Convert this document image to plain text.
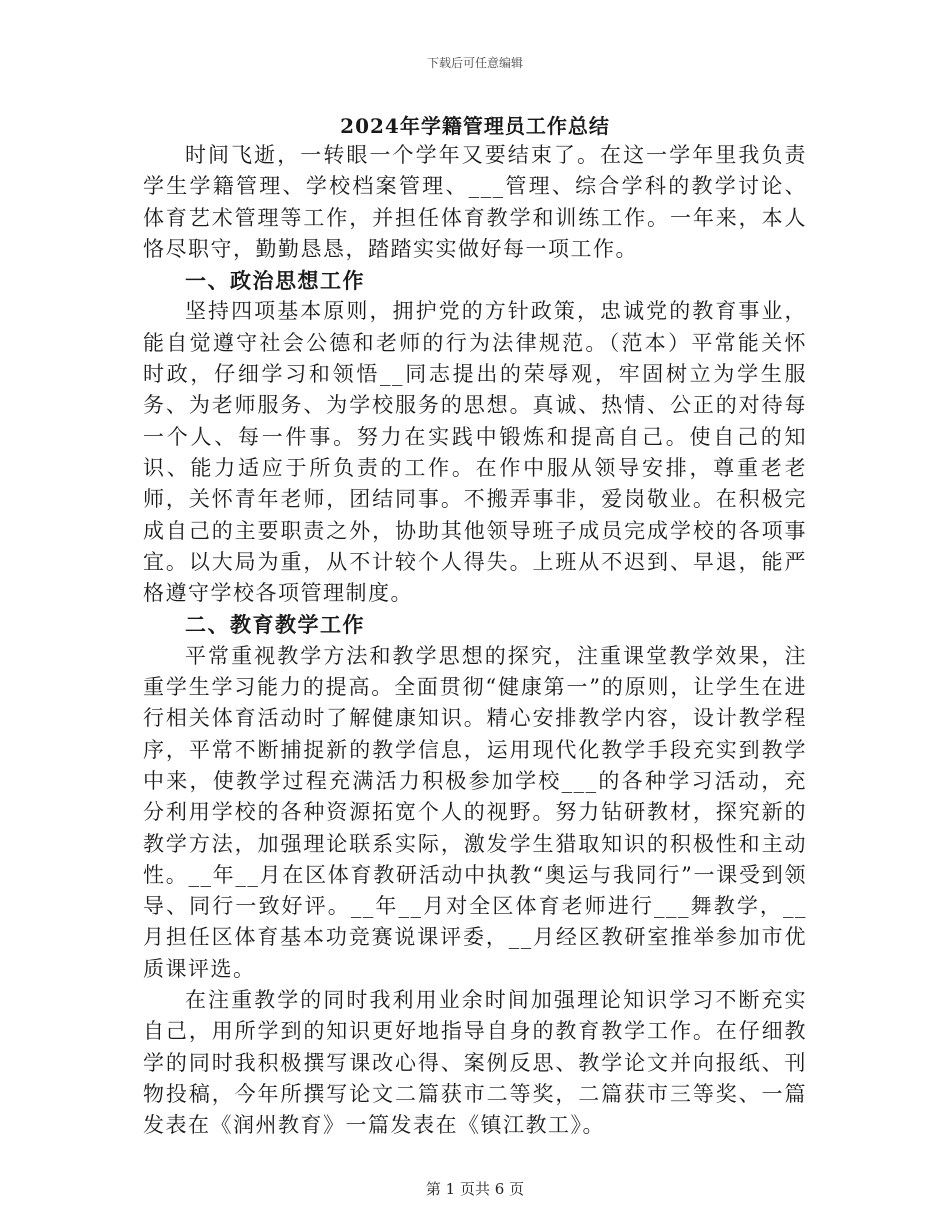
下载后可任意编辑
2024年学籍管理员工作总结

时间飞逝，一转眼一个学年又要结束了。在这一学年里我负责学生学籍管理、学校档案管理、___管理、综合学科的教学讨论、体育艺术管理等工作，并担任体育教学和训练工作。一年来，本人恪尽职守，勤勤恳恳，踏踏实实做好每一项工作。

一、政治思想工作

坚持四项基本原则，拥护党的方针政策，忠诚党的教育事业，能自觉遵守社会公德和老师的行为法律规范。（范本）平常能关怀时政，仔细学习和领悟__同志提出的荣辱观，牢固树立为学生服务、为老师服务、为学校服务的思想。真诚、热情、公正的对待每一个人、每一件事。努力在实践中锻炼和提高自己。使自己的知识、能力适应于所负责的工作。在作中服从领导安排，尊重老老师，关怀青年老师，团结同事。不搬弄事非，爱岗敬业。在积极完成自己的主要职责之外，协助其他领导班子成员完成学校的各项事宜。以大局为重，从不计较个人得失。上班从不迟到、早退，能严格遵守学校各项管理制度。

二、教育教学工作

平常重视教学方法和教学思想的探究，注重课堂教学效果，注重学生学习能力的提高。全面贯彻“健康第一”的原则，让学生在进行相关体育活动时了解健康知识。精心安排教学内容，设计教学程序，平常不断捕捉新的教学信息，运用现代化教学手段充实到教学中来，使教学过程充满活力积极参加学校___的各种学习活动，充分利用学校的各种资源拓宽个人的视野。努力钻研教材，探究新的教学方法，加强理论联系实际，激发学生猎取知识的积极性和主动性。__年__月在区体育教研活动中执教“奥运与我同行”一课受到领导、同行一致好评。__年__月对全区体育老师进行___舞教学，__月担任区体育基本功竞赛说课评委，__月经区教研室推举参加市优质课评选。

在注重教学的同时我利用业余时间加强理论知识学习不断充实自己，用所学到的知识更好地指导自身的教育教学工作。在仔细教学的同时我积极撰写课改心得、案例反思、教学论文并向报纸、刊物投稿，今年所撰写论文二篇获市二等奖，二篇获市三等奖、一篇发表在《润州教育》一篇发表在《镇江教工》。

第 1 页共 6 页
